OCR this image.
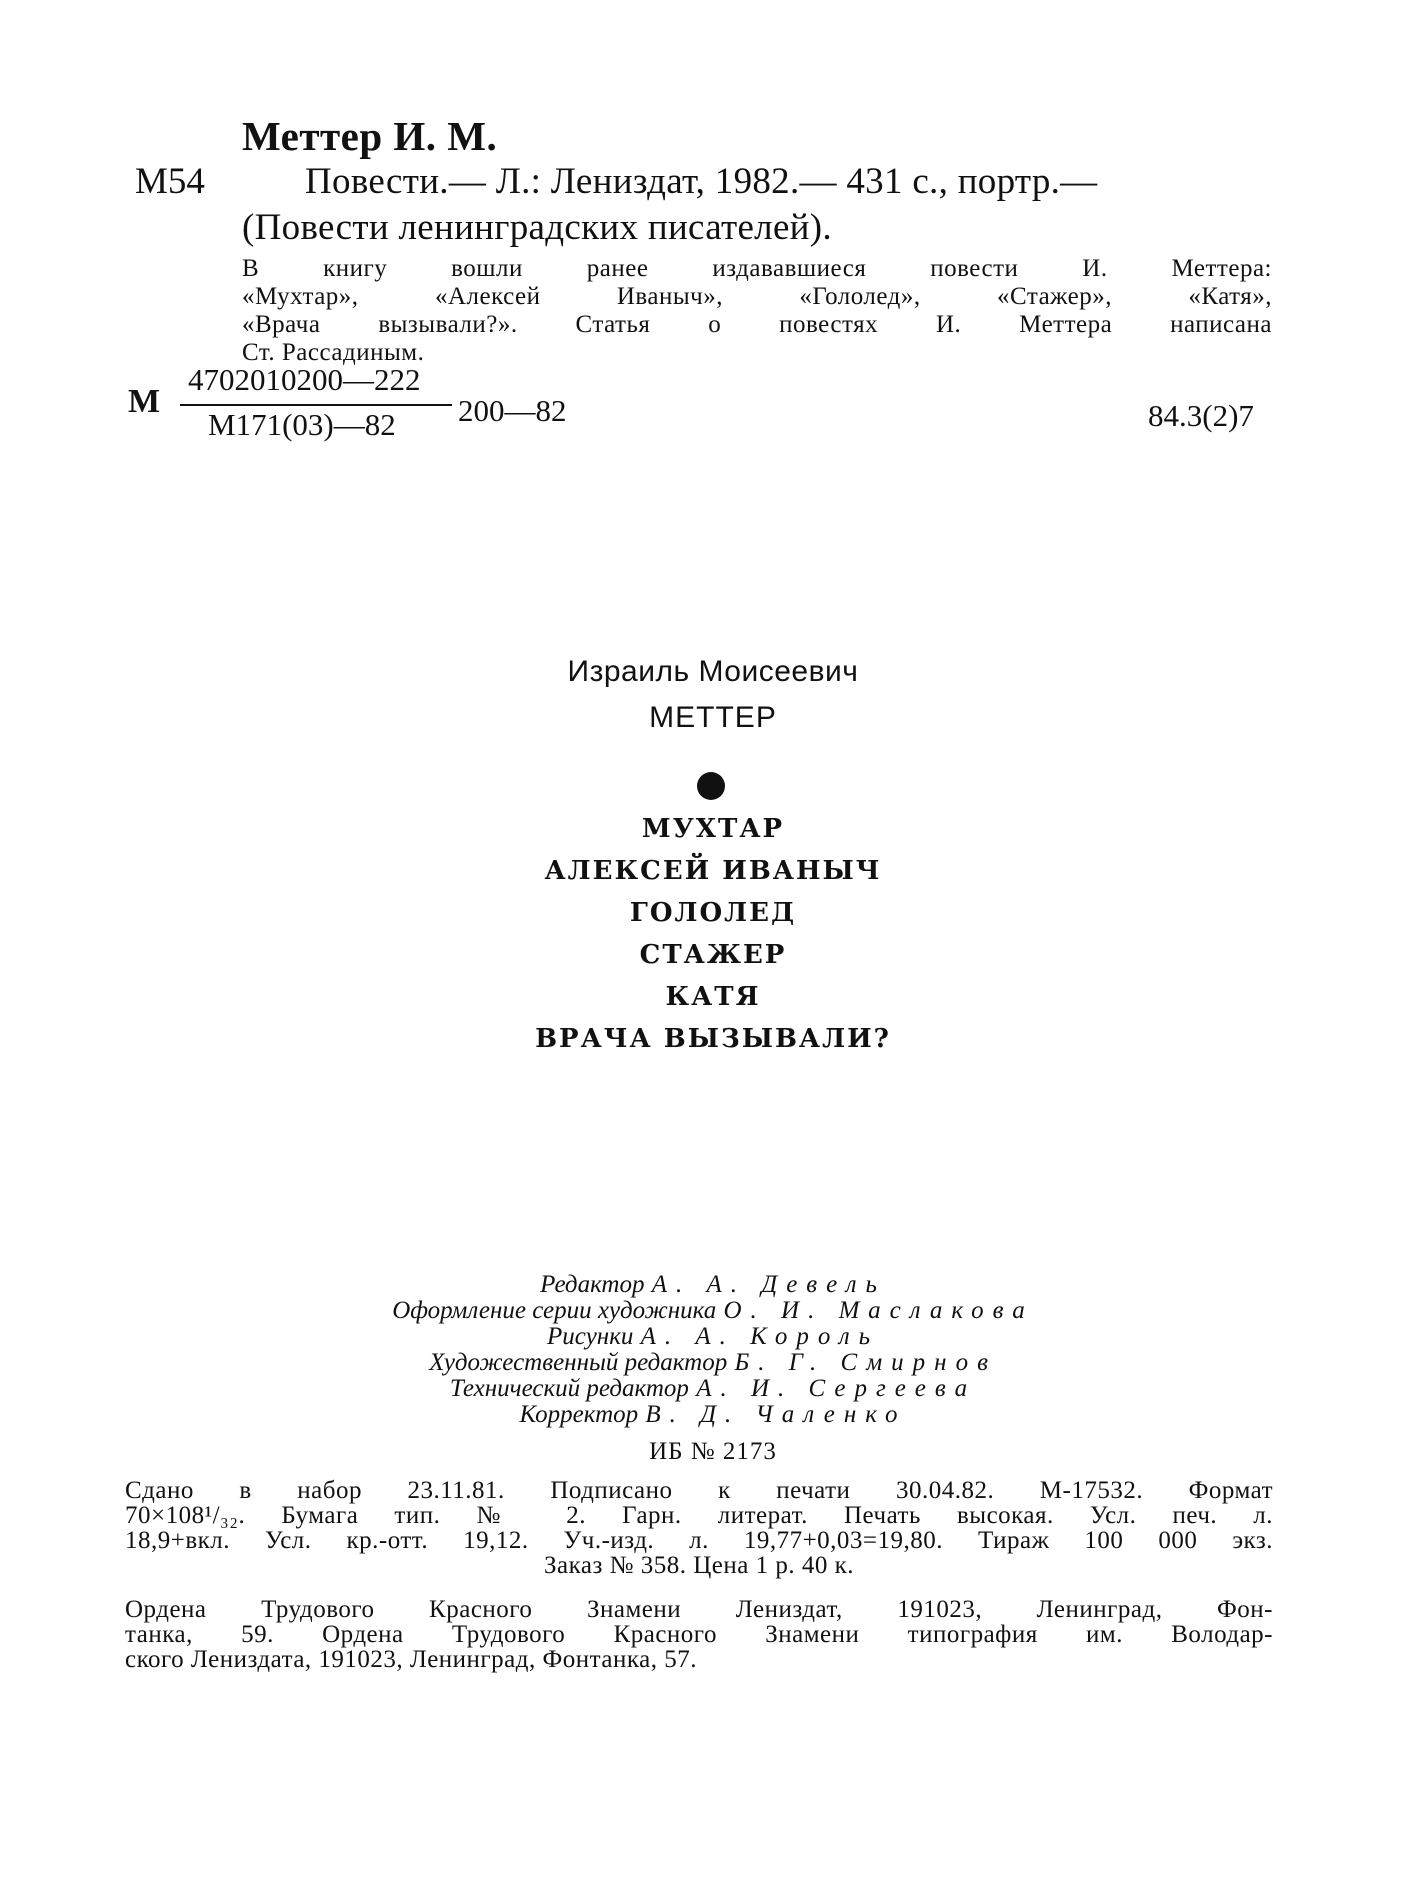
Меттер И. М.
М54	Повести.— Л.: Лениздат, 1982.— 431 с., портр.—
(Повести ленинградских писателей).
В книгу вошли ранее издававшиеся повести И. Меттера:
«Мухтар», «Алексей Иваныч», «Гололед», «Стажер», «Катя»,
«Врача вызывали?». Статья о повестях И. Меттера написана
Ст. Рассадиным.
М
4702010200—222
М171(03)—82 200—82	84.3(2)7
Израиль Моисеевич
МЕТТЕР
МУХТАР
АЛЕКСЕЙ ИВАНЫЧ
ГОЛОЛЕД
СТАЖЕР
КАТЯ
ВРАЧА ВЫЗЫВАЛИ?
Редактор А. А. Девель
Оформление серии художника О. И. Маслакова
Рисунки А. А. Король
Художественный редактор Б. Г. Смирнов
Технический редактор А. И. Сергеева
Корректор В. Д. Чаленко
ИБ № 2173
Сдано в набор 23.11.81. Подписано к печати 30.04.82. М-17532. Формат
70×108¹/₃₂. Бумага тип. № 2. Гарн. литерат. Печать высокая. Усл. печ. л.
18,9+вкл. Усл. кр.-отт. 19,12. Уч.-изд. л. 19,77+0,03=19,80. Тираж 100 000 экз.
Заказ № 358. Цена 1 р. 40 к.
Ордена Трудового Красного Знамени Лениздат, 191023, Ленинград, Фон-
танка, 59. Ордена Трудового Красного Знамени типография им. Володар-
ского Лениздата, 191023, Ленинград, Фонтанка, 57.
